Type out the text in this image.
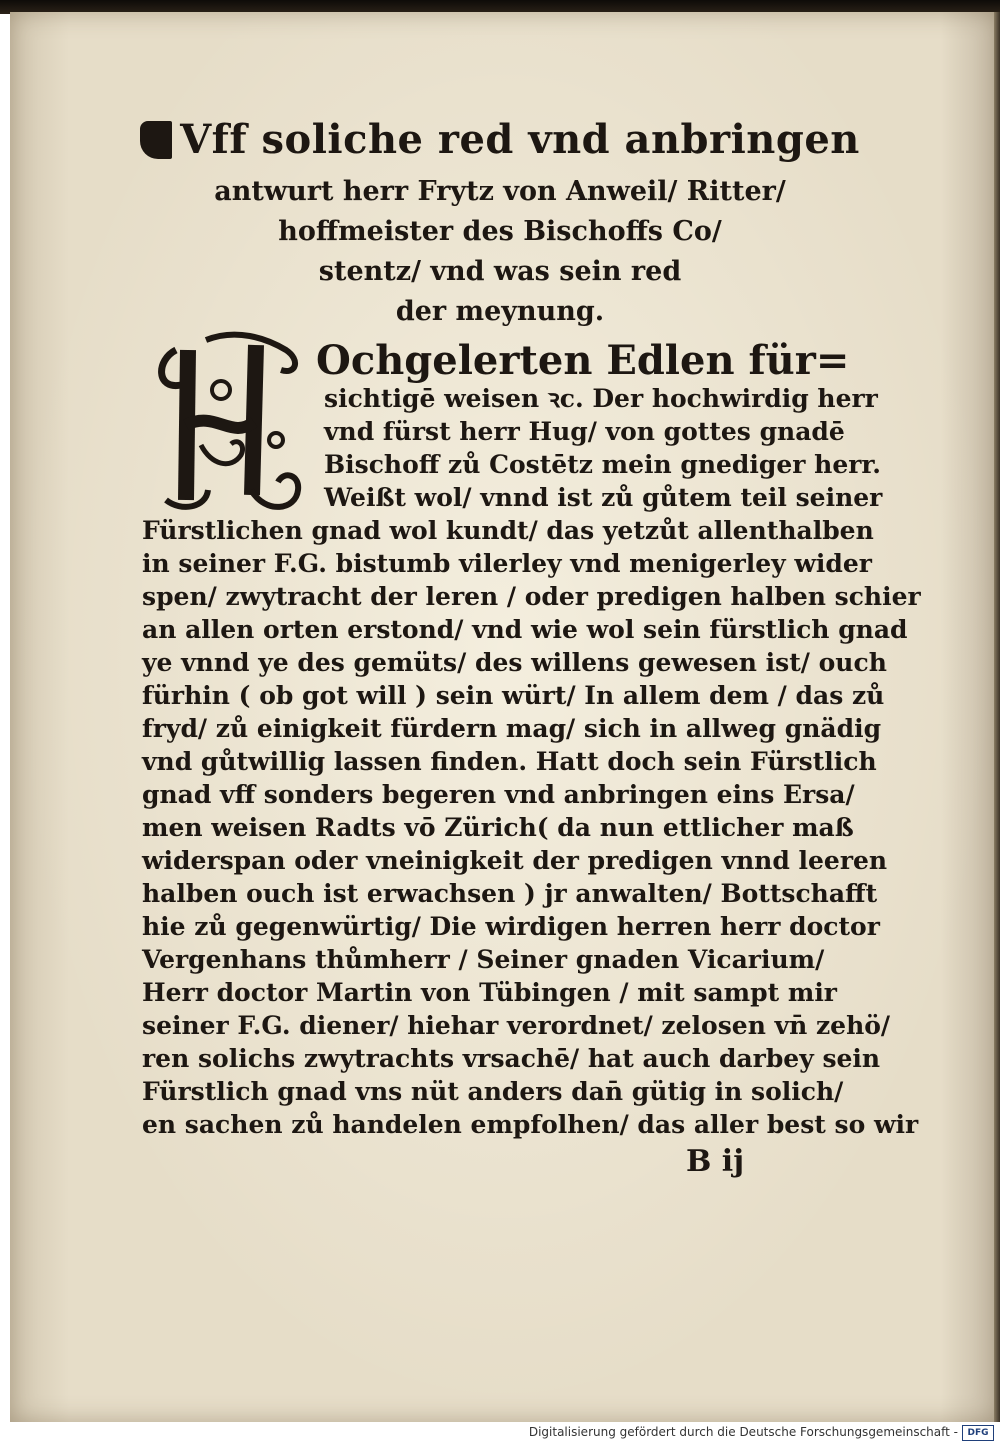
Vff soliche red vnd anbringen
antwurt herr Frytz von Anweil/ Ritter/
hoffmeister des Bischoffs Co/
stentz/ vnd was sein red
der meynung.
Ochgelerten Edlen für=
sichtigē weisen ꝛc. Der hochwirdig herr
vnd fürst herr Hug/ von gottes gnadē
Bischoff zů Costētz mein gnediger herr.
Weißt wol/ vnnd ist zů gůtem teil seiner
Fürstlichen gnad wol kundt/ das yetzůt allenthalben
in seiner F.G. bistumb vilerley vnd menigerley wider
spen/ zwytracht der leren / oder predigen halben schier
an allen orten erstond/ vnd wie wol sein fürstlich gnad
ye vnnd ye des gemüts/ des willens gewesen ist/ ouch
fürhin ( ob got will ) sein würt/ In allem dem / das zů
fryd/ zů einigkeit fürdern mag/ sich in allweg gnädig
vnd gůtwillig lassen finden. Hatt doch sein Fürstlich
gnad vff sonders begeren vnd anbringen eins Ersa/
men weisen Radts vō Zürich( da nun ettlicher maß
widerspan oder vneinigkeit der predigen vnnd leeren
halben ouch ist erwachsen ) jr anwalten/ Bottschafft
hie zů gegenwürtig/ Die wirdigen herren herr doctor
Vergenhans thůmherr / Seiner gnaden Vicarium/
Herr doctor Martin von Tübingen / mit sampt mir
seiner F.G. diener/ hiehar verordnet/ zelosen vn̄ zehö/
ren solichs zwytrachts vrsachē/ hat auch darbey sein
Fürstlich gnad vns nüt anders dan̄ gütig in solich/
en sachen zů handelen empfolhen/ das aller best so wir
B ij
Digitalisierung gefördert durch die Deutsche Forschungsgemeinschaft -	DFG
